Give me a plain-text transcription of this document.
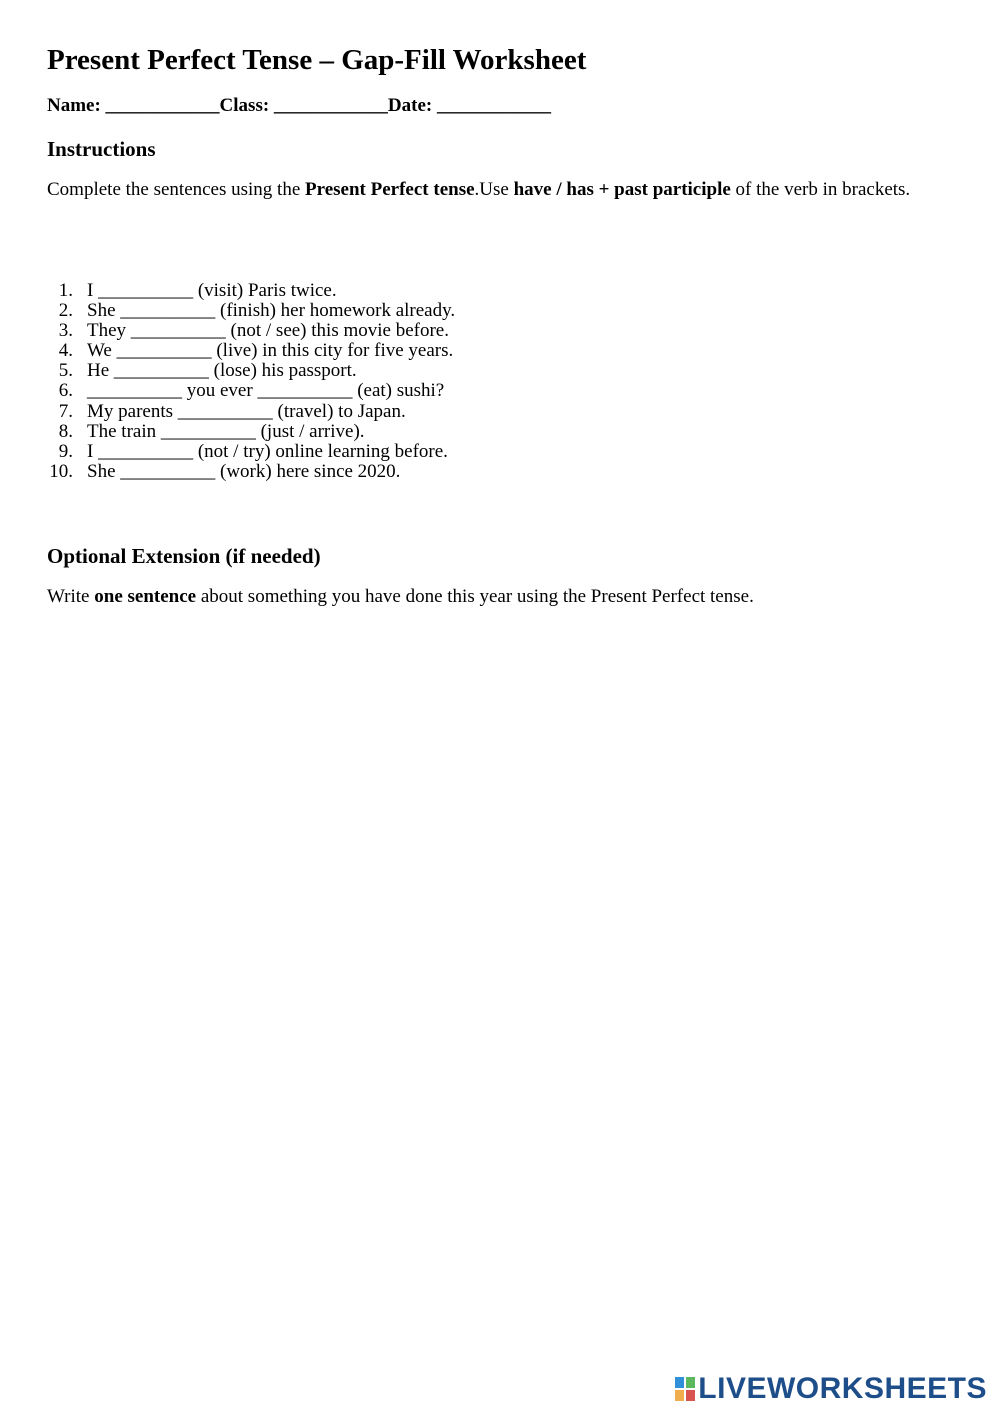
Present Perfect Tense – Gap-Fill Worksheet
Name: ____________Class: ____________Date: ____________
Instructions

Complete the sentences using the Present Perfect tense.Use have / has + past participle of the verb in brackets.

1. I __________ (visit) Paris twice.
2. She __________ (finish) her homework already.
3. They __________ (not / see) this movie before.
4. We __________ (live) in this city for five years.
5. He __________ (lose) his passport.
6. __________ you ever __________ (eat) sushi?
7. My parents __________ (travel) to Japan.
8. The train __________ (just / arrive).
9. I __________ (not / try) online learning before.
10. She __________ (work) here since 2020.
Optional Extension (if needed)

Write one sentence about something you have done this year using the Present Perfect tense.

LIVEWORKSHEETS
